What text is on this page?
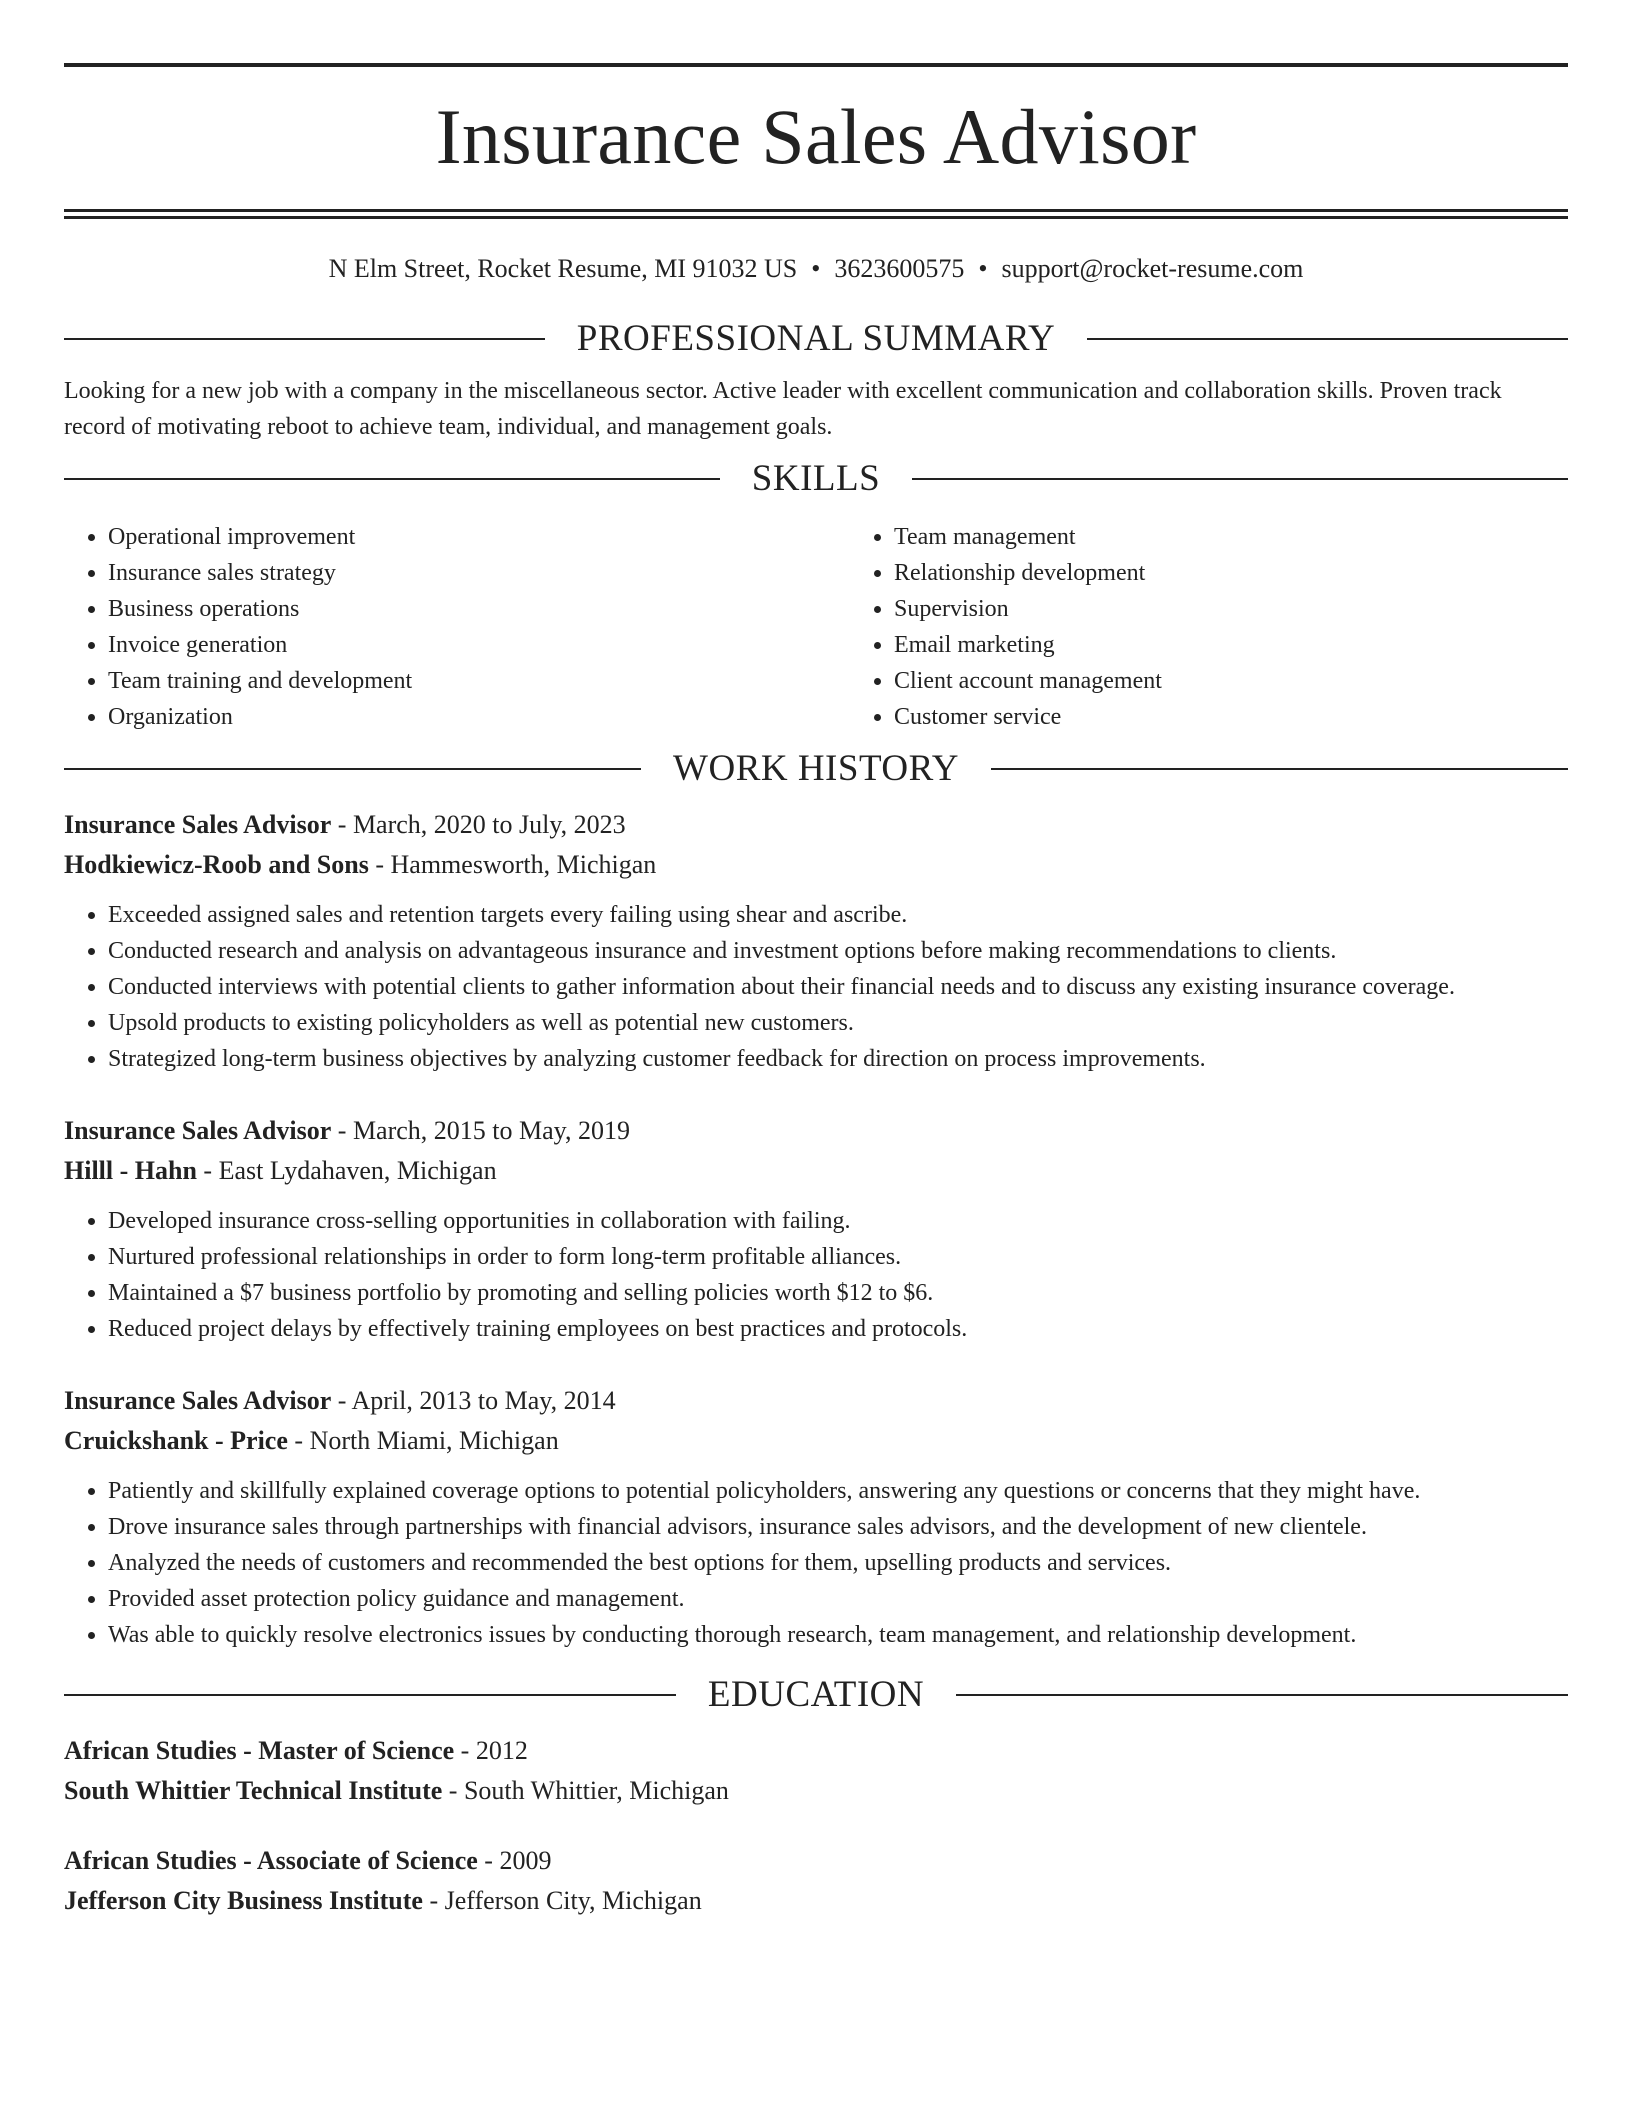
Insurance Sales Advisor
N Elm Street, Rocket Resume, MI 91032 US • 3623600575 • support@rocket-resume.com
PROFESSIONAL SUMMARY

Looking for a new job with a company in the miscellaneous sector. Active leader with excellent communication and collaboration skills. Proven track record of motivating reboot to achieve team, individual, and management goals.

SKILLS
• Operational improvement
• Insurance sales strategy
• Business operations
• Invoice generation
• Team training and development
• Organization
• Team management
• Relationship development
• Supervision
• Email marketing
• Client account management
• Customer service
WORK HISTORY
Insurance Sales Advisor - March, 2020 to July, 2023
Hodkiewicz-Roob and Sons - Hammesworth, Michigan
• Exceeded assigned sales and retention targets every failing using shear and ascribe.
• Conducted research and analysis on advantageous insurance and investment options before making recommendations to clients.
• Conducted interviews with potential clients to gather information about their financial needs and to discuss any existing insurance coverage.
• Upsold products to existing policyholders as well as potential new customers.
• Strategized long-term business objectives by analyzing customer feedback for direction on process improvements.
Insurance Sales Advisor - March, 2015 to May, 2019
Hilll - Hahn - East Lydahaven, Michigan
• Developed insurance cross-selling opportunities in collaboration with failing.
• Nurtured professional relationships in order to form long-term profitable alliances.
• Maintained a $7 business portfolio by promoting and selling policies worth $12 to $6.
• Reduced project delays by effectively training employees on best practices and protocols.
Insurance Sales Advisor - April, 2013 to May, 2014
Cruickshank - Price - North Miami, Michigan
• Patiently and skillfully explained coverage options to potential policyholders, answering any questions or concerns that they might have.
• Drove insurance sales through partnerships with financial advisors, insurance sales advisors, and the development of new clientele.
• Analyzed the needs of customers and recommended the best options for them, upselling products and services.
• Provided asset protection policy guidance and management.
• Was able to quickly resolve electronics issues by conducting thorough research, team management, and relationship development.
EDUCATION
African Studies - Master of Science - 2012
South Whittier Technical Institute - South Whittier, Michigan
African Studies - Associate of Science - 2009
Jefferson City Business Institute - Jefferson City, Michigan
